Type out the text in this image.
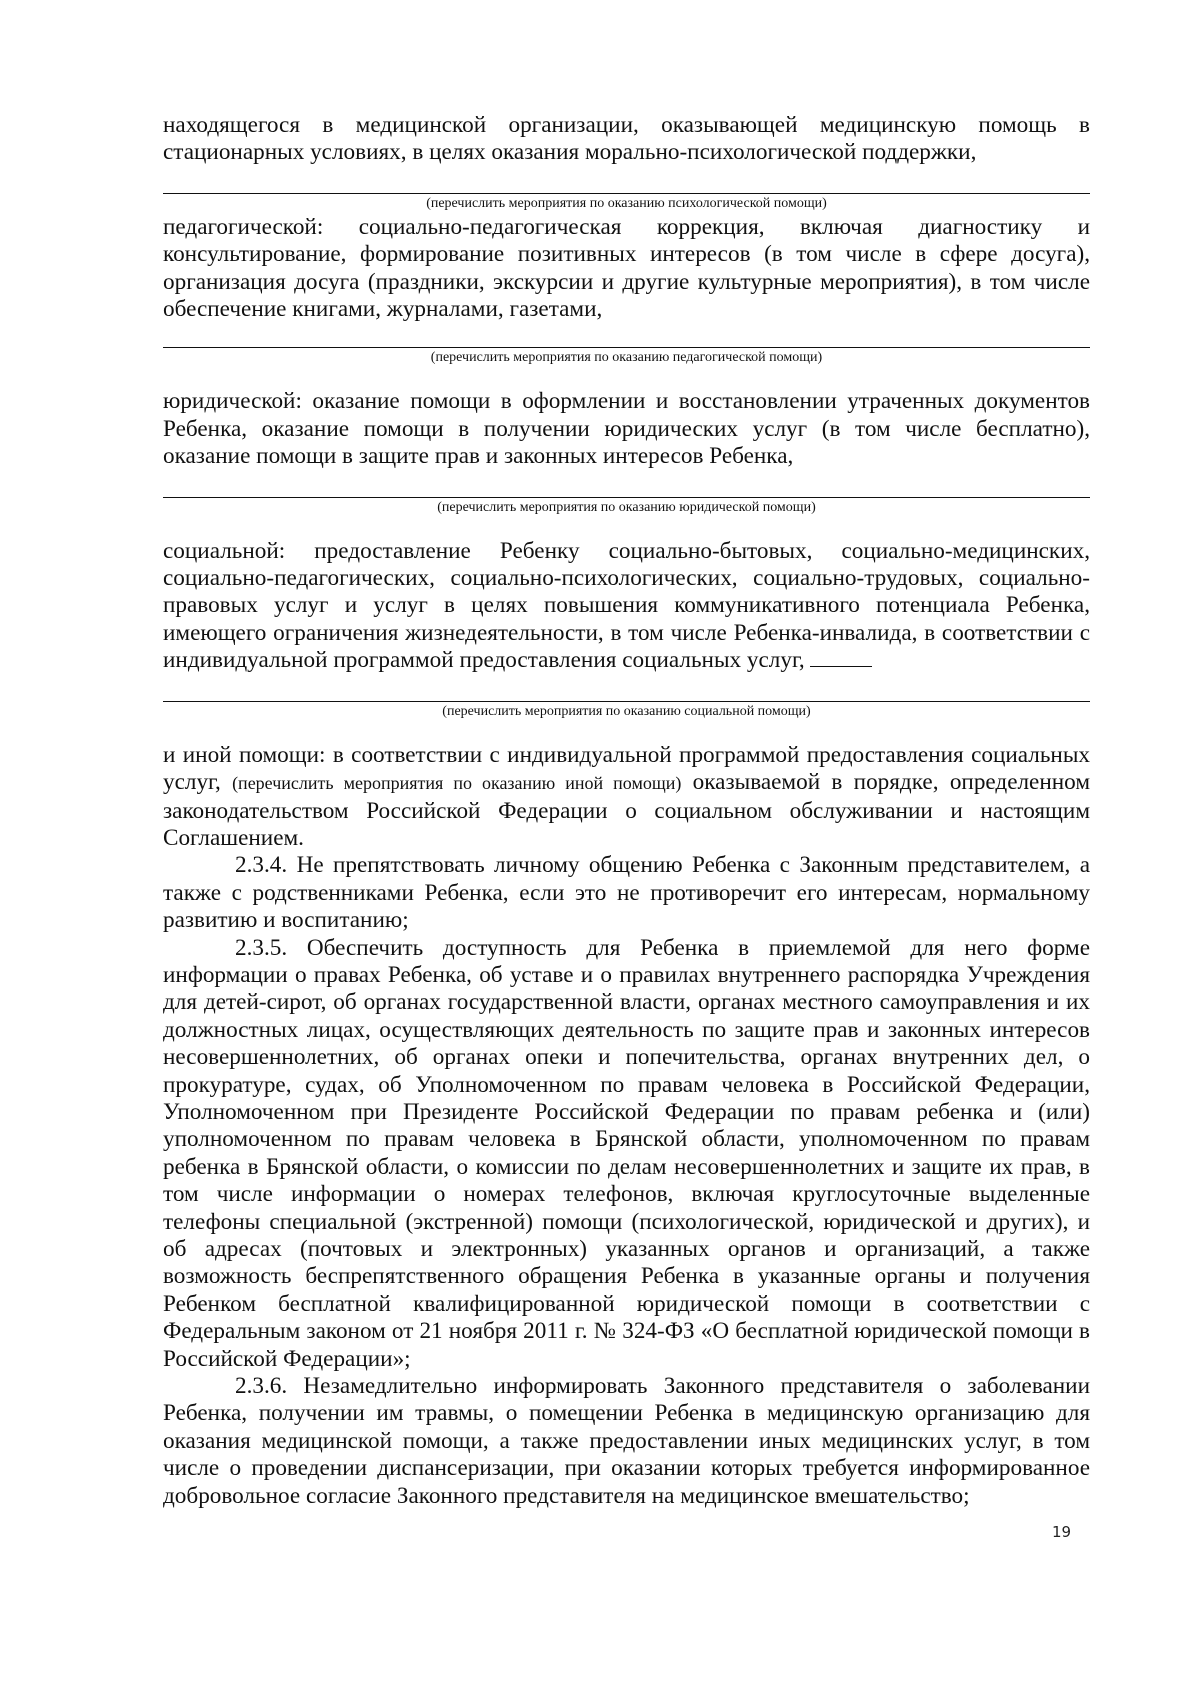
находящегося в медицинской организации, оказывающей медицинскую помощь в стационарных условиях, в целях оказания морально-психологической поддержки,

(перечислить мероприятия по оказанию психологической помощи)

педагогической: социально-педагогическая коррекция, включая диагностику и консультирование, формирование позитивных интересов (в том числе в сфере досуга), организация досуга (праздники, экскурсии и другие культурные мероприятия), в том числе обеспечение книгами, журналами, газетами,

(перечислить мероприятия по оказанию педагогической помощи)

юридической: оказание помощи в оформлении и восстановлении утраченных документов Ребенка, оказание помощи в получении юридических услуг (в том числе бесплатно), оказание помощи в защите прав и законных интересов Ребенка,

(перечислить мероприятия по оказанию юридической помощи)

социальной: предоставление Ребенку социально-бытовых, социально-медицинских, социально-педагогических, социально-психологических, социально-трудовых, социально-правовых услуг и услуг в целях повышения коммуникативного потенциала Ребенка, имеющего ограничения жизнедеятельности, в том числе Ребенка-инвалида, в соответствии с индивидуальной программой предоставления социальных услуг,

(перечислить мероприятия по оказанию социальной помощи)

и иной помощи: в соответствии с индивидуальной программой предоставления социальных услуг, (перечислить мероприятия по оказанию иной помощи) оказываемой в порядке, определенном законодательством Российской Федерации о социальном обслуживании и настоящим Соглашением.

2.3.4. Не препятствовать личному общению Ребенка с Законным представителем, а также с родственниками Ребенка, если это не противоречит его интересам, нормальному развитию и воспитанию;

2.3.5. Обеспечить доступность для Ребенка в приемлемой для него форме информации о правах Ребенка, об уставе и о правилах внутреннего распорядка Учреждения для детей-сирот, об органах государственной власти, органах местного самоуправления и их должностных лицах, осуществляющих деятельность по защите прав и законных интересов несовершеннолетних, об органах опеки и попечительства, органах внутренних дел, о прокуратуре, судах, об Уполномоченном по правам человека в Российской Федерации, Уполномоченном при Президенте Российской Федерации по правам ребенка и (или) уполномоченном по правам человека в Брянской области, уполномоченном по правам ребенка в Брянской области, о комиссии по делам несовершеннолетних и защите их прав, в том числе информации о номерах телефонов, включая круглосуточные выделенные телефоны специальной (экстренной) помощи (психологической, юридической и других), и об адресах (почтовых и электронных) указанных органов и организаций, а также возможность беспрепятственного обращения Ребенка в указанные органы и получения Ребенком бесплатной квалифицированной юридической помощи в соответствии с Федеральным законом от 21 ноября 2011 г. № 324-ФЗ «О бесплатной юридической помощи в Российской Федерации»;

2.3.6. Незамедлительно информировать Законного представителя о заболевании Ребенка, получении им травмы, о помещении Ребенка в медицинскую организацию для оказания медицинской помощи, а также предоставлении иных медицинских услуг, в том числе о проведении диспансеризации, при оказании которых требуется информированное добровольное согласие Законного представителя на медицинское вмешательство;

19
